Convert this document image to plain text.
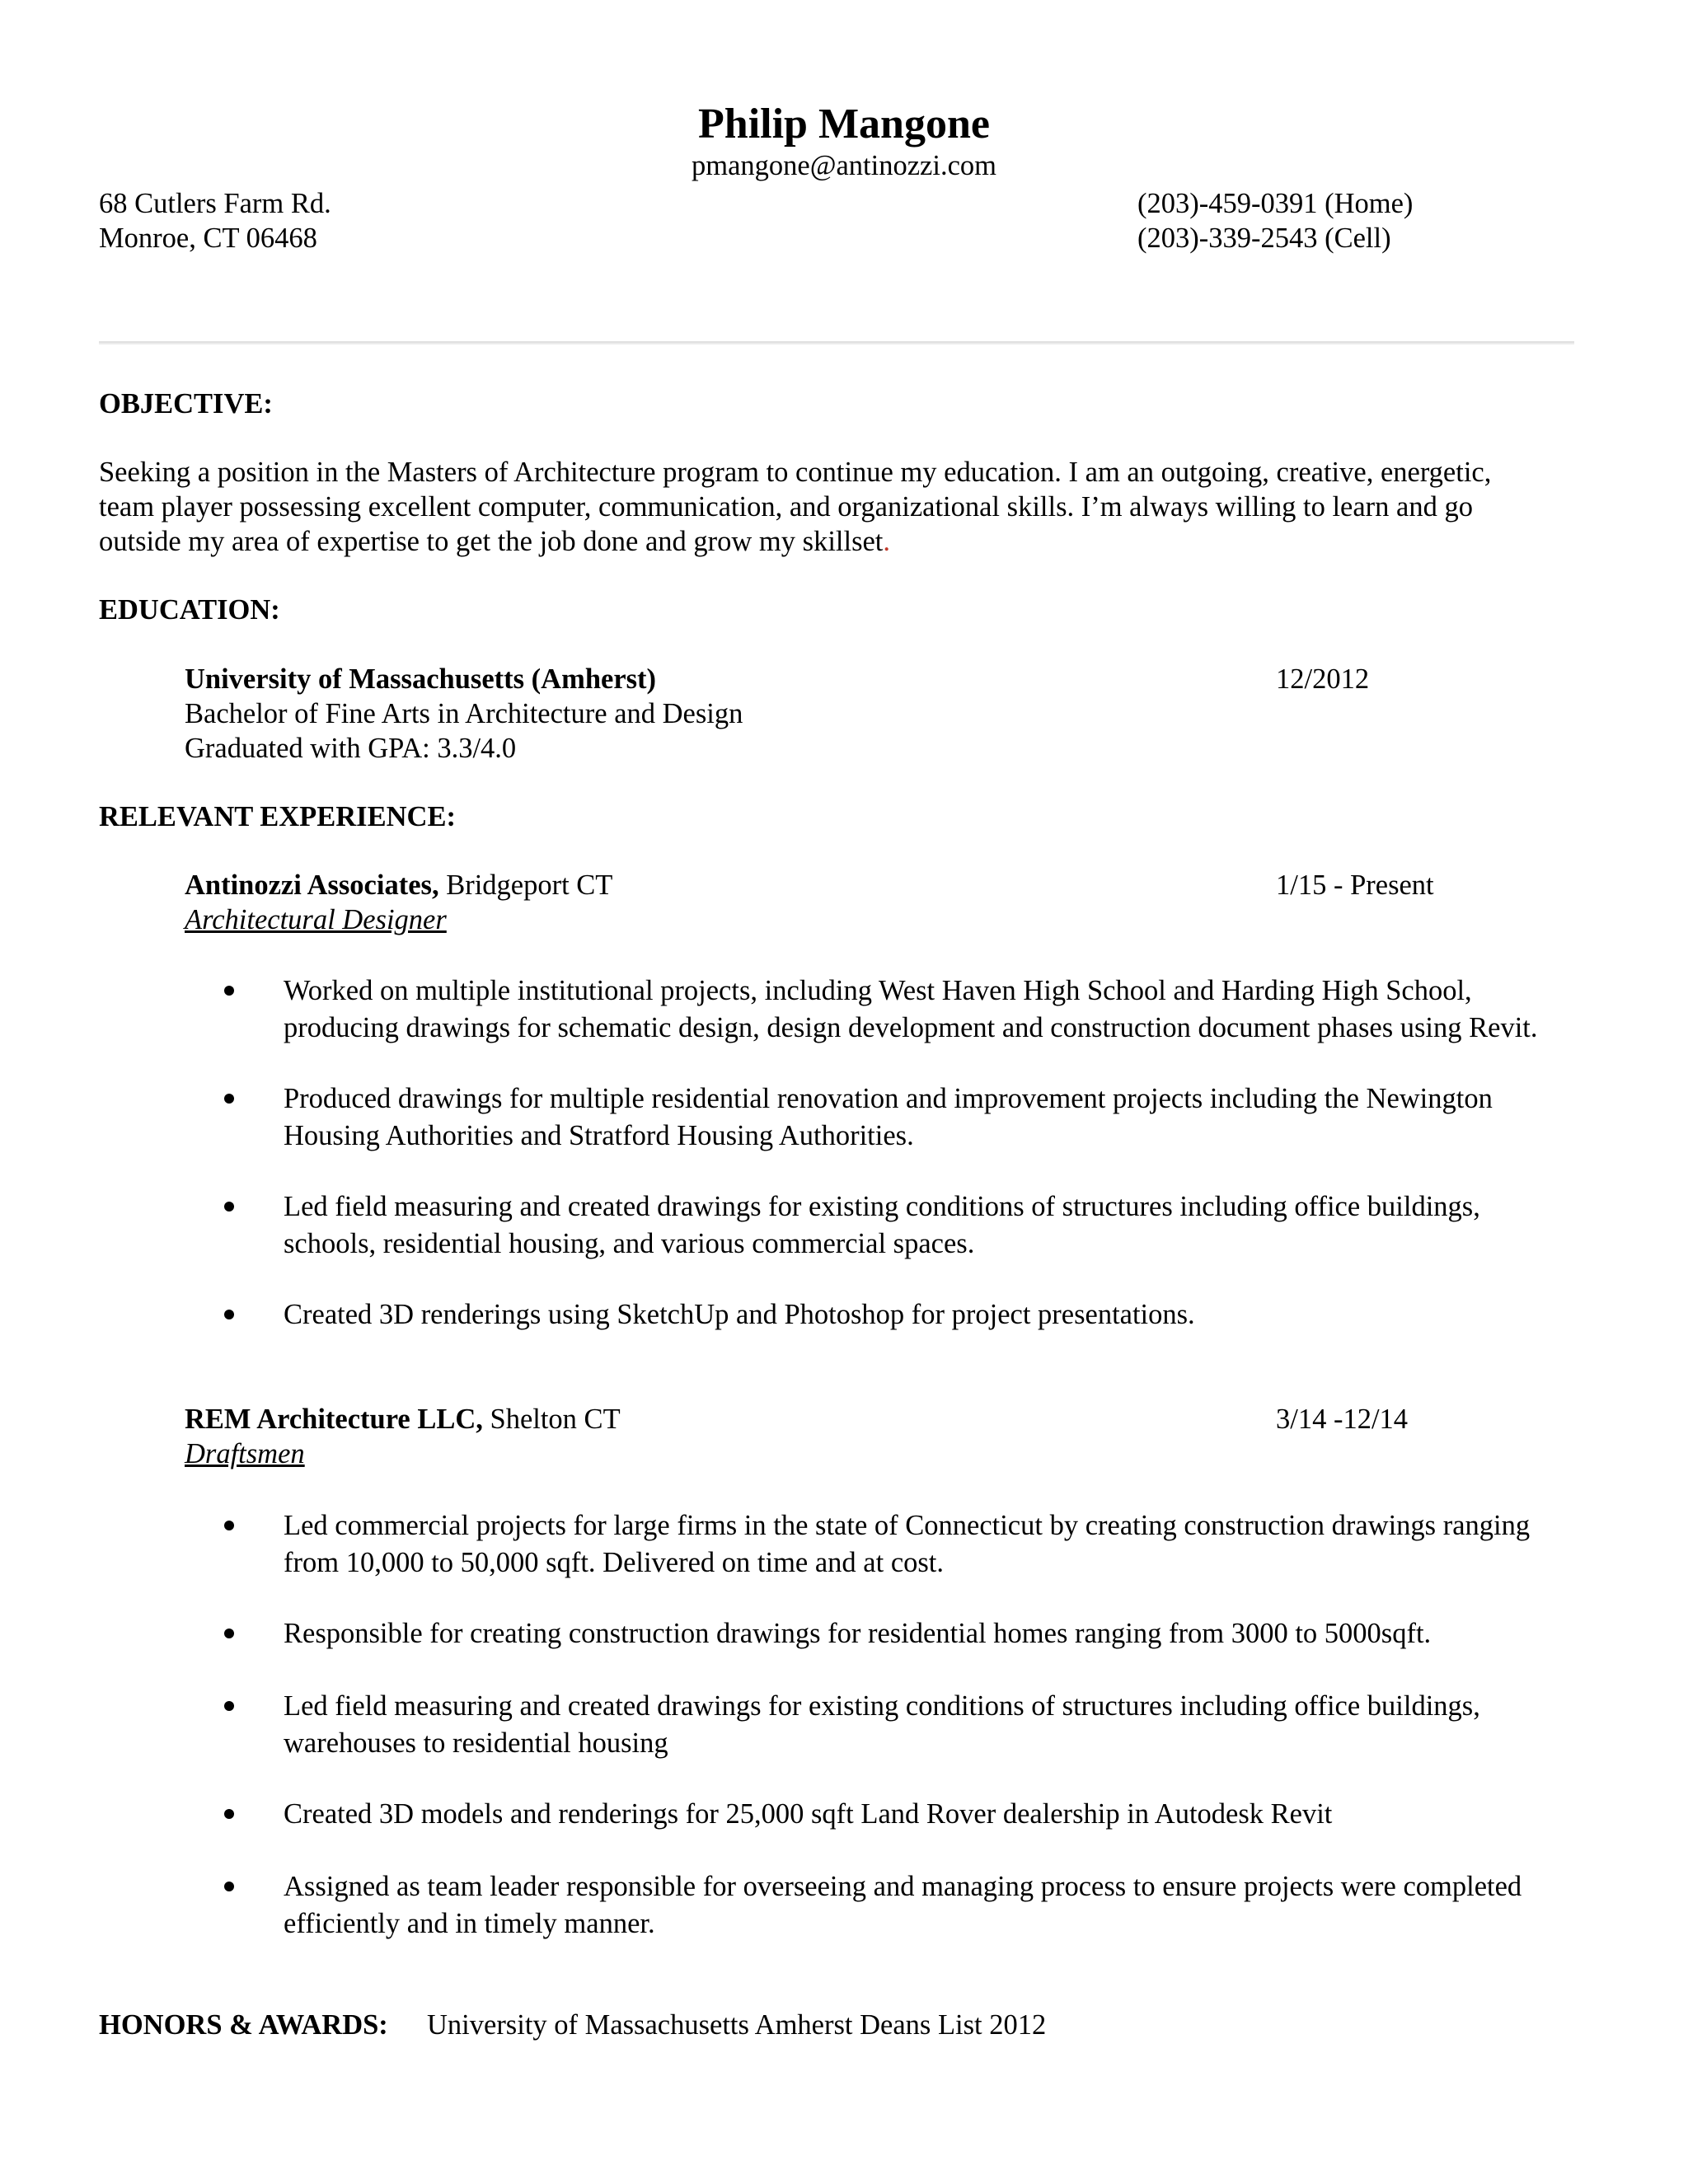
Philip Mangone
pmangone@antinozzi.com
68 Cutlers Farm Rd.
Monroe, CT 06468
(203)-459-0391 (Home)
(203)-339-2543 (Cell)
OBJECTIVE:
Seeking a position in the Masters of Architecture program to continue my education. I am an outgoing, creative, energetic,
team player possessing excellent computer, communication, and organizational skills. I’m always willing to learn and go
outside my area of expertise to get the job done and grow my skillset.
EDUCATION:
University of Massachusetts (Amherst)	12/2012
Bachelor of Fine Arts in Architecture and Design
Graduated with GPA: 3.3/4.0
RELEVANT EXPERIENCE:
Antinozzi Associates, Bridgeport CT	1/15 - Present
Architectural Designer
Worked on multiple institutional projects, including West Haven High School and Harding High School,
producing drawings for schematic design, design development and construction document phases using Revit.
Produced drawings for multiple residential renovation and improvement projects including the Newington
Housing Authorities and Stratford Housing Authorities.
Led field measuring and created drawings for existing conditions of structures including office buildings,
schools, residential housing, and various commercial spaces.
Created 3D renderings using SketchUp and Photoshop for project presentations.
REM Architecture LLC, Shelton CT	3/14 -12/14
Draftsmen
Led commercial projects for large firms in the state of Connecticut by creating construction drawings ranging
from 10,000 to 50,000 sqft. Delivered on time and at cost.
Responsible for creating construction drawings for residential homes ranging from 3000 to 5000sqft.
Led field measuring and created drawings for existing conditions of structures including office buildings,
warehouses to residential housing
Created 3D models and renderings for 25,000 sqft Land Rover dealership in Autodesk Revit
Assigned as team leader responsible for overseeing and managing process to ensure projects were completed
efficiently and in timely manner.
HONORS & AWARDS: University of Massachusetts Amherst Deans List 2012
